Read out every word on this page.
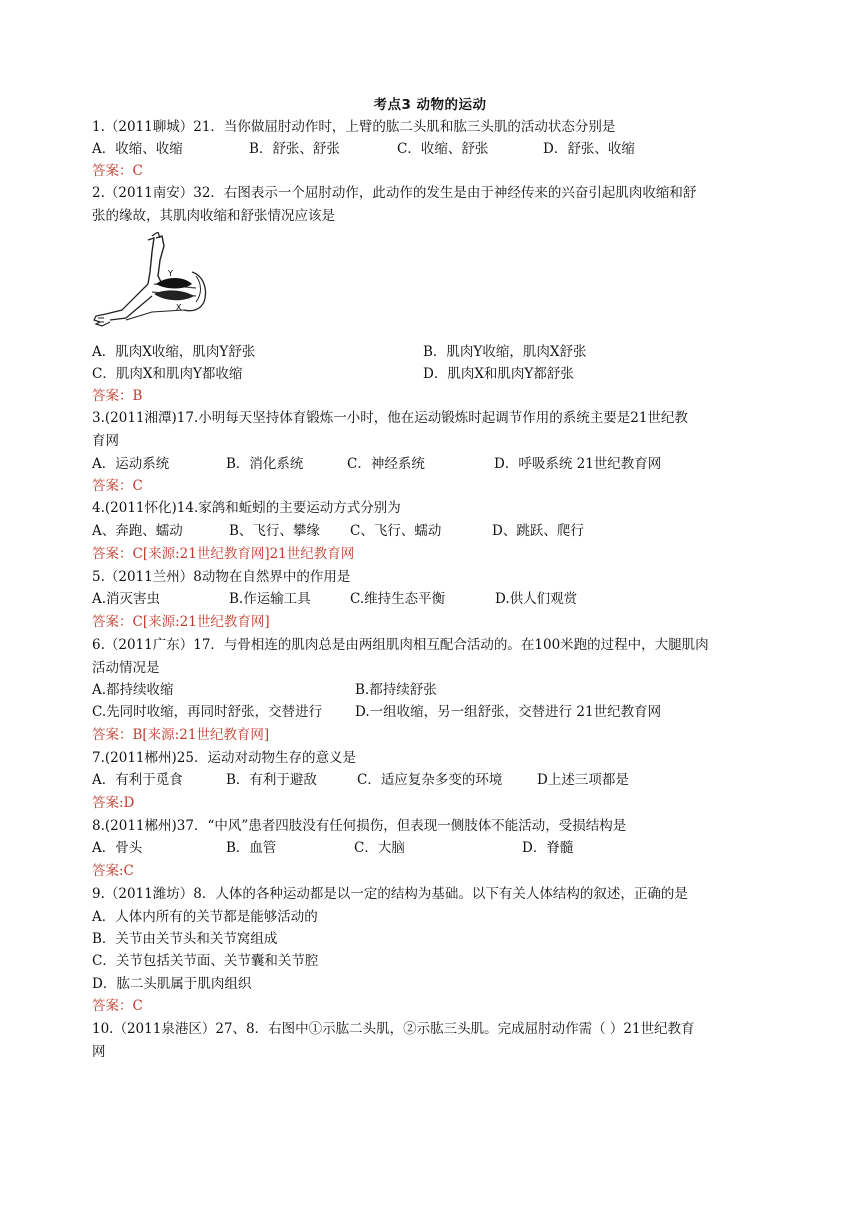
考点3 动物的运动
1.（2011聊城）21．当你做屈肘动作时，上臂的肱二头肌和肱三头肌的活动状态分别是
A．收缩、收缩	B．舒张、舒张	C．收缩、舒张	D．舒张、收缩
答案：C
2.（2011南安）32．右图表示一个屈肘动作，此动作的发生是由于神经传来的兴奋引起肌肉收缩和舒
张的缘故，其肌肉收缩和舒张情况应该是
Y
X
A．肌肉X收缩，肌肉Y舒张	B．肌肉Y收缩，肌肉X舒张
C．肌肉X和肌肉Y都收缩	D．肌肉X和肌肉Y都舒张
答案：B
3.(2011湘潭)17.小明每天坚持体育锻炼一小时，他在运动锻炼时起调节作用的系统主要是21世纪教
育网
A．运动系统	B．消化系统	C．神经系统	D．呼吸系统 21世纪教育网
答案：C
4.(2011怀化)14.家鸽和蚯蚓的主要运动方式分别为
A、奔跑、蠕动	B、飞行、攀缘 C、飞行、蠕动	D、跳跃、爬行
答案：C[来源:21世纪教育网]21世纪教育网
5.（2011兰州）8动物在自然界中的作用是
A.消灭害虫	B.作运输工具	C.维持生态平衡	D.供人们观赏
答案：C[来源:21世纪教育网]
6.（2011广东）17．与骨相连的肌肉总是由两组肌肉相互配合活动的。在100米跑的过程中，大腿肌肉
活动情况是
A.都持续收缩	B.都持续舒张
C.先同时收缩，再同时舒张，交替进行 D.一组收缩，另一组舒张，交替进行 21世纪教育网
答案：B[来源:21世纪教育网]
7.(2011郴州)25．运动对动物生存的意义是
A．有利于觅食	B．有利于避敌	C．适应复杂多变的环境	D上述三项都是
答案:D
8.(2011郴州)37．“中风”患者四肢没有任何损伤，但表现一侧肢体不能活动，受损结构是
A．骨头	B．血管	C．大脑	D．脊髓
答案:C
9.（2011潍坊）8．人体的各种运动都是以一定的结构为基础。以下有关人体结构的叙述，正确的是
A．人体内所有的关节都是能够活动的
B．关节由关节头和关节窝组成
C．关节包括关节面、关节囊和关节腔
D．肱二头肌属于肌肉组织
答案：C
10.（2011泉港区）27、8．右图中①示肱二头肌，②示肱三头肌。完成屈肘动作需（ ）21世纪教育
网
